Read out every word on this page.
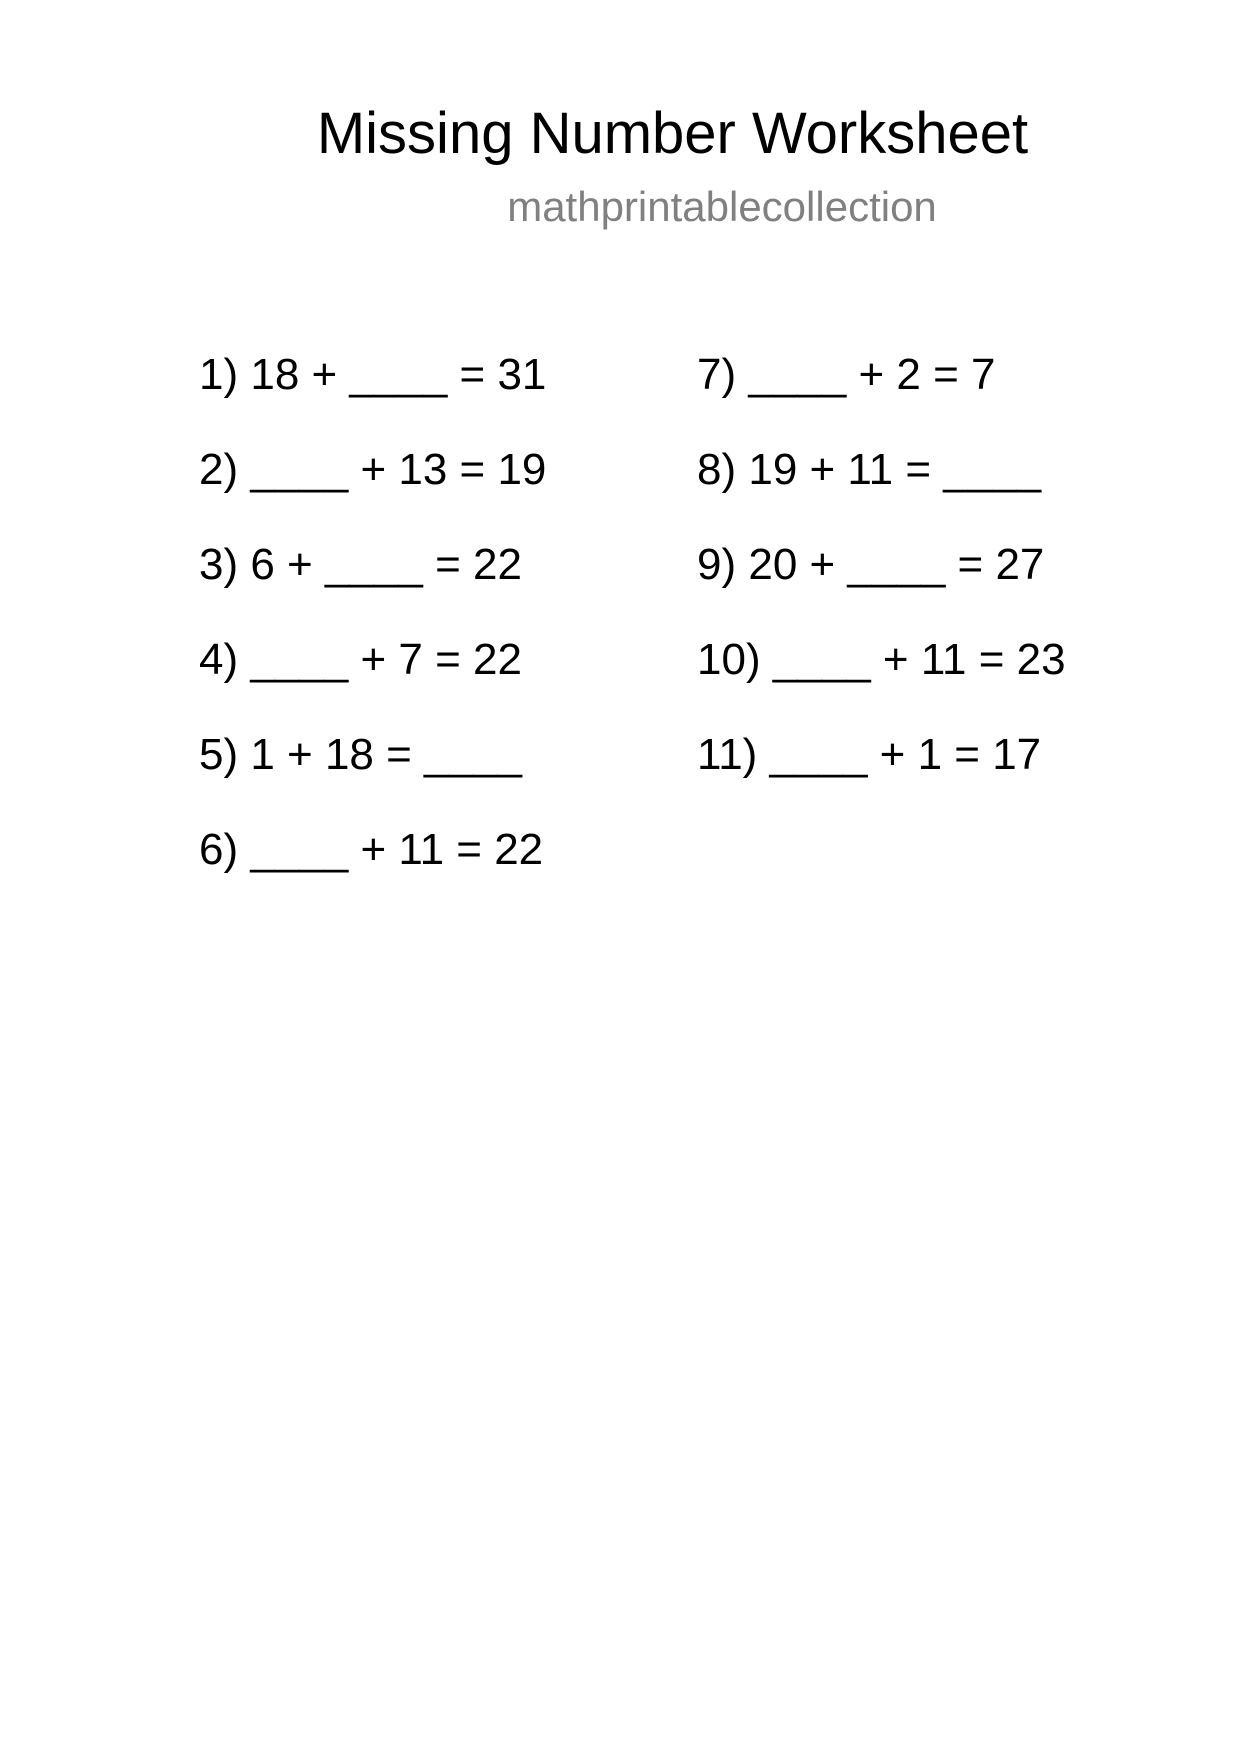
Missing Number Worksheet
mathprintablecollection
1) 18 + ____ = 31
2) ____ + 13 = 19
3) 6 + ____ = 22
4) ____ + 7 = 22
5) 1 + 18 = ____
6) ____ + 11 = 22
7) ____ + 2 = 7
8) 19 + 11 = ____
9) 20 + ____ = 27
10) ____ + 11 = 23
11) ____ + 1 = 17
